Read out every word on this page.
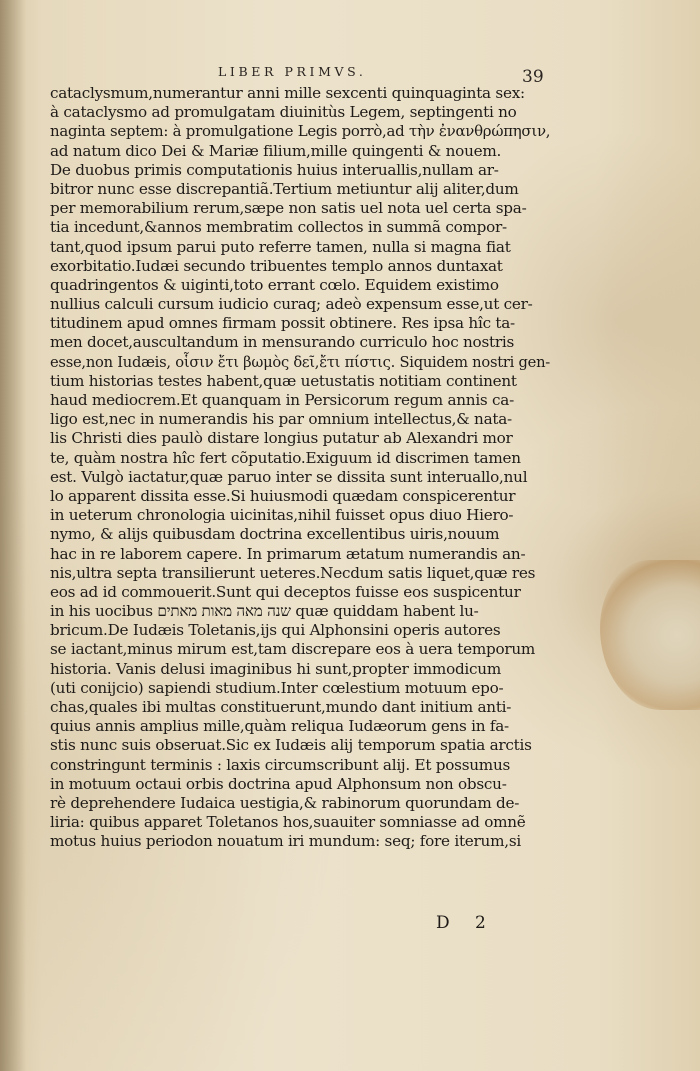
LIBER PRIMVS.	39
cataclysmum,numerantur anni mille sexcenti quinquaginta sex:
à cataclysmo ad promulgatam diuinitùs Legem, septingenti no
naginta septem: à promulgatione Legis porrò,ad τὴν ἐνανθρώπησιν,
ad natum dico Dei & Mariæ filium,mille quingenti & nouem.
De duobus primis computationis huius interuallis,nullam ar-
bitror nunc esse discrepantiã.Tertium metiuntur alij aliter,dum
per memorabilium rerum,sæpe non satis uel nota uel certa spa-
tia incedunt,&annos membratim collectos in summã compor-
tant,quod ipsum parui puto referre tamen, nulla si magna fiat
exorbitatio.Iudæi secundo tribuentes templo annos duntaxat
quadringentos & uiginti,toto errant cœlo. Equidem existimo
nullius calculi cursum iudicio curaq; adeò expensum esse,ut cer-
titudinem apud omnes firmam possit obtinere. Res ipsa hîc ta-
men docet,auscultandum in mensurando curriculo hoc nostris
esse,non Iudæis, οἷσιν ἔτι βωμὸς δεῖ,ἔτι πίστις. Siquidem nostri gen-
tium historias testes habent,quæ uetustatis notitiam continent
haud mediocrem.Et quanquam in Persicorum regum annis ca-
ligo est,nec in numerandis his par omnium intellectus,& nata-
lis Christi dies paulò distare longius putatur ab Alexandri mor
te, quàm nostra hîc fert cõputatio.Exiguum id discrimen tamen
est. Vulgò iactatur,quæ paruo inter se dissita sunt interuallo,nul
lo apparent dissita esse.Si huiusmodi quædam conspicerentur
in ueterum chronologia uicinitas,nihil fuisset opus diuo Hiero-
nymo, & alijs quibusdam doctrina excellentibus uiris,nouum
hac in re laborem capere. In primarum ætatum numerandis an-
nis,ultra septa transilierunt ueteres.Necdum satis liquet,quæ res
eos ad id commouerit.Sunt qui deceptos fuisse eos suspicentur
in his uocibus שנה מאה מאות מאתים quæ quiddam habent lu-
bricum.De Iudæis Toletanis,ijs qui Alphonsini operis autores
se iactant,minus mirum est,tam discrepare eos à uera temporum
historia. Vanis delusi imaginibus hi sunt,propter immodicum
(uti conijcio) sapiendi studium.Inter cœlestium motuum epo-
chas,quales ibi multas constituerunt,mundo dant initium anti-
quius annis amplius mille,quàm reliqua Iudæorum gens in fa-
stis nunc suis obseruat.Sic ex Iudæis alij temporum spatia arctis
constringunt terminis : laxis circumscribunt alij. Et possumus
in motuum octaui orbis doctrina apud Alphonsum non obscu-
rè deprehendere Iudaica uestigia,& rabinorum quorundam de-
liria: quibus apparet Toletanos hos,suauiter somniasse ad omnẽ
motus huius periodon nouatum iri mundum: seq; fore iterum,si
D 2
